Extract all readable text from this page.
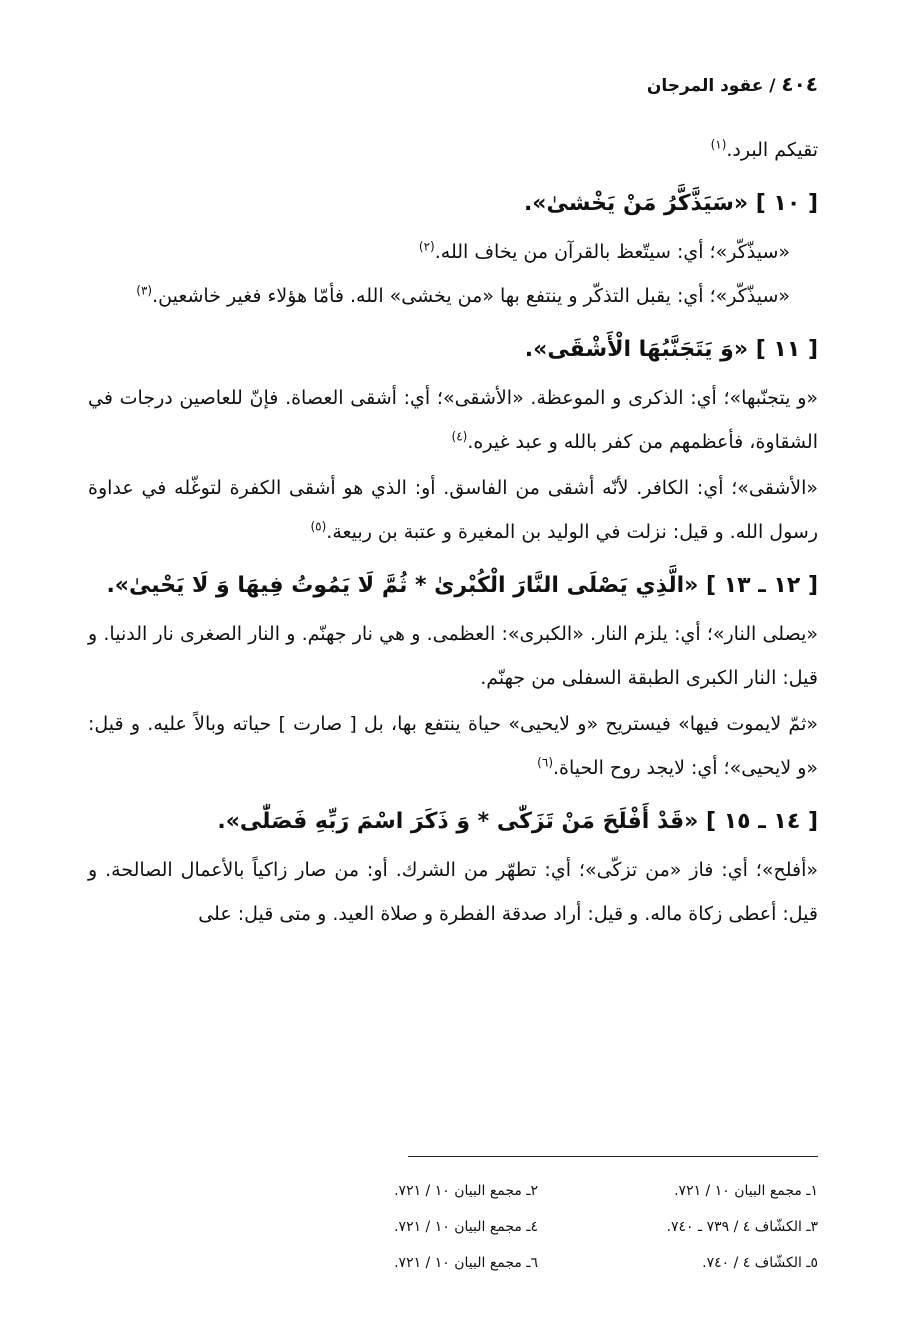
٤٠٤ / عقود المرجان

تقيكم البرد.$^{(١)}$

[ ١٠ ] «سَيَذَّكَّرُ مَنْ يَخْشىٰ».

«سيذّكّر»؛ أي: سيتّعظ بالقرآن من يخاف الله.$^{(٢)}$

«سيذّكّر»؛ أي: يقبل التذكّر و ينتفع بها «من يخشى» الله. فأمّا هؤلاء فغير خاشعين.$^{(٣)}$

[ ١١ ] «وَ يَتَجَنَّبُهَا الْأَشْقَى».

«و يتجنّبها»؛ أي: الذكرى و الموعظة. «الأشقى»؛ أي: أشقى العصاة. فإنّ للعاصين درجات في الشقاوة، فأعظمهم من كفر بالله و عبد غيره.$^{(٤)}$

«الأشقى»؛ أي: الكافر. لأنّه أشقى من الفاسق. أو: الذي هو أشقى الكفرة لتوغّله في عداوة رسول الله. و قيل: نزلت في الوليد بن المغيرة و عتبة بن ربيعة.$^{(٥)}$

[ ١٢ ـ ١٣ ] «الَّذِي يَصْلَى النَّارَ الْكُبْرىٰ * ثُمَّ لَا يَمُوتُ فِيهَا وَ لَا يَحْيىٰ».

«يصلى النار»؛ أي: يلزم النار. «الكبرى»: العظمى. و هي نار جهنّم. و النار الصغرى نار الدنيا. و قيل: النار الكبرى الطبقة السفلى من جهنّم.

«ثمّ لايموت فيها» فيستريح «و لايحيى» حياة ينتفع بها، بل [ صارت ] حياته وبالاً عليه. و قيل: «و لايحيى»؛ أي: لايجد روح الحياة.$^{(٦)}$

[ ١٤ ـ ١٥ ] «قَدْ أَفْلَحَ مَنْ تَزَكّٰى * وَ ذَكَرَ اسْمَ رَبِّهِ فَصَلّٰى».

«أفلح»؛ أي: فاز «من تزكّى»؛ أي: تطهّر من الشرك. أو: من صار زاكياً بالأعمال الصالحة. و قيل: أعطى زكاة ماله. و قيل: أراد صدقة الفطرة و صلاة العيد. و متى قيل: على

١ـ مجمع البيان ١٠ / ٧٢١.
٢ـ مجمع البيان ١٠ / ٧٢١.
٣ـ الكشّاف ٤ / ٧٣٩ ـ ٧٤٠.
٤ـ مجمع البيان ١٠ / ٧٢١.
٥ـ الكشّاف ٤ / ٧٤٠.
٦ـ مجمع البيان ١٠ / ٧٢١.
